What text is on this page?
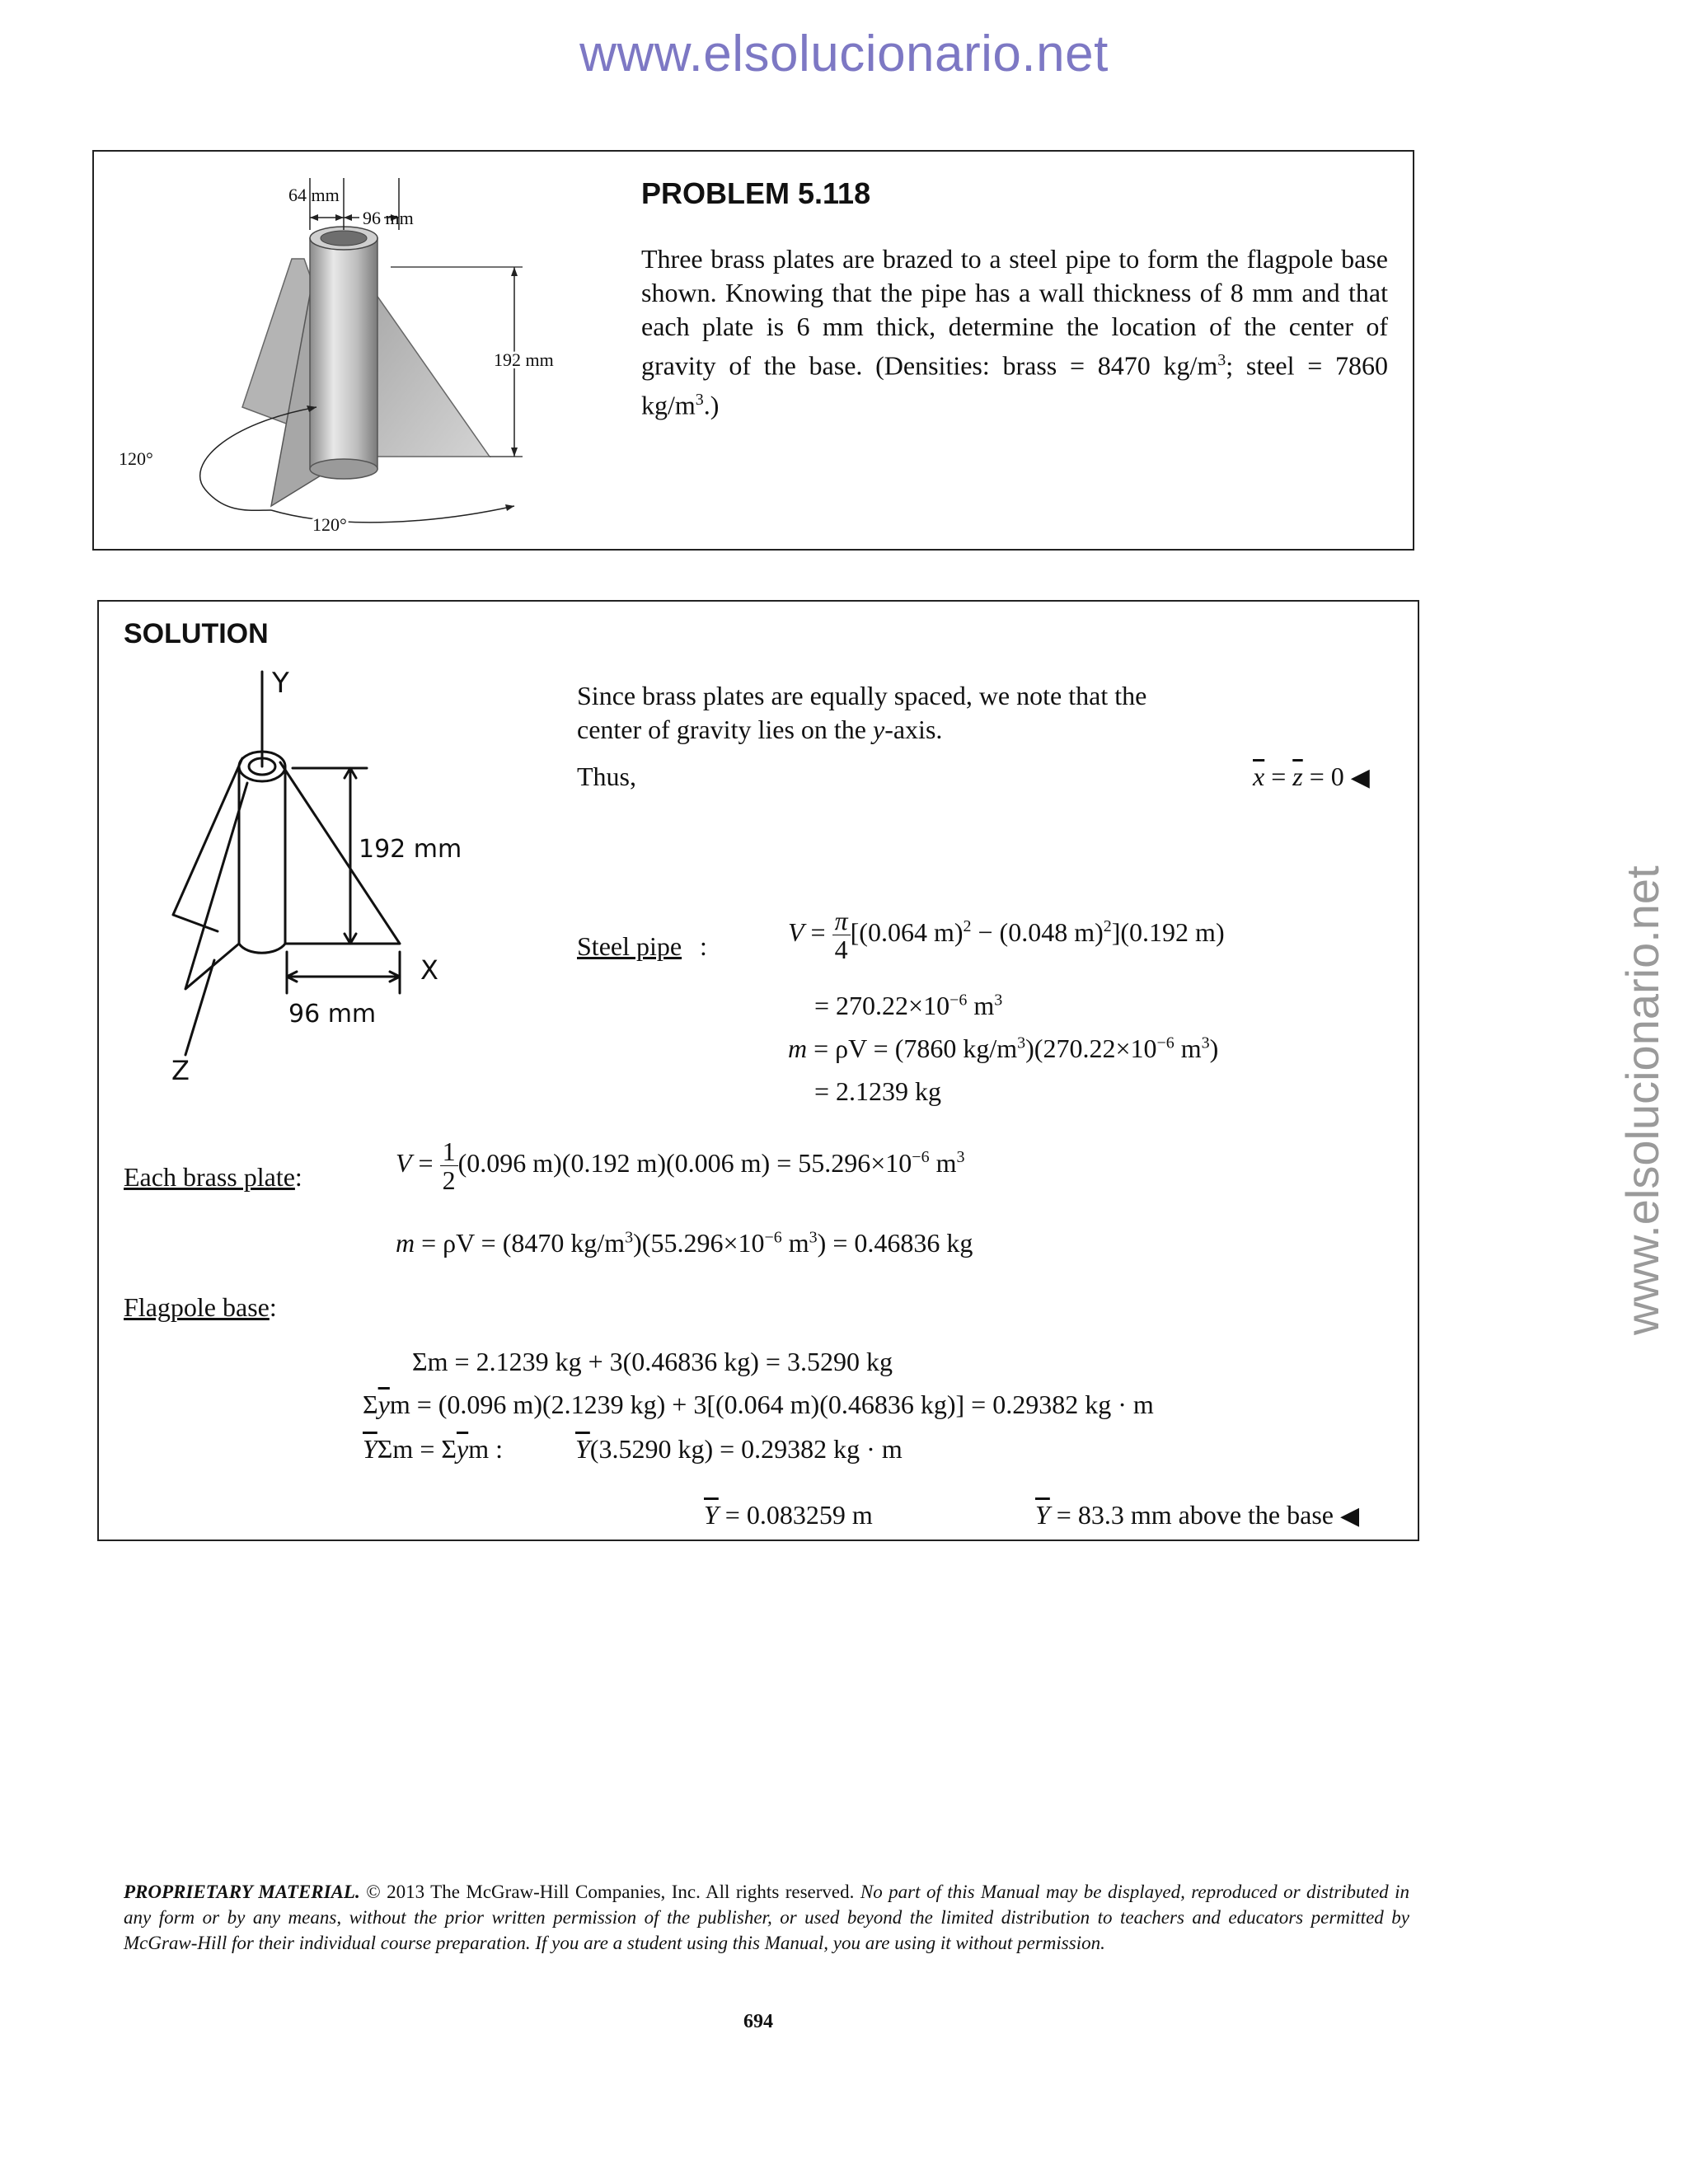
www.elsolucionario.net
www.elsolucionario.net
64 mm
96 mm
192 mm
120°
120°
PROBLEM 5.118
Three brass plates are brazed to a steel pipe to form the flagpole base shown. Knowing that the pipe has a wall thickness of 8 mm and that each plate is 6 mm thick, determine the location of the center of gravity of the base. (Densities: brass = 8470 $kg/m^3$; steel = 7860 $kg/m^3$.)
SOLUTION
Y
X
Z
192 mm
96 mm
Since brass plates are equally spaced, we note that the center of gravity lies on the y-axis.
Thus,	$\overline{x} = \overline{z} = 0$ ◀
Steel pipe :	$V = \frac{\pi}{4} [(0.064$ m)$^2$ − (0.048 m)$^2$](0.192 m)
= $270.22\times 10^{-6}$ $m^3$
m = ρV = (7860 $kg/m^3)(270.22\times 10^{-6}$ $m^3$)
= 2.1239 kg
Each brass plate:	$V = \frac{1}{2} (0.096$ m)(0.192 m)(0.006 $m) = 55.296\times 10^{-6}$ $m^3$
m = ρV = (8470 $kg/m^3)(55.296\times 10^{-6}$ $m^3) = 0.46836$ kg
Flagpole base:
Σm = 2.1239 kg + 3(0.46836 kg) = 3.5290 kg
$\Sigma\overline{y}m = (0.096$ m)(2.1239 kg) + 3[(0.064 m)(0.46836 kg)] = 0.29382 kg · m
$\overline{Y}\Sigma m = \Sigma\overline{y}m$ :	$\overline{Y}(3.5290$ kg) = 0.29382 kg · m
$\overline{Y} = 0.083259$ m	$\overline{Y} = 83.3$ mm above the base ◀
PROPRIETARY MATERIAL. © 2013 The McGraw-Hill Companies, Inc. All rights reserved. No part of this Manual may be displayed, reproduced or distributed in any form or by any means, without the prior written permission of the publisher, or used beyond the limited distribution to teachers and educators permitted by McGraw-Hill for their individual course preparation. If you are a student using this Manual, you are using it without permission.
694
